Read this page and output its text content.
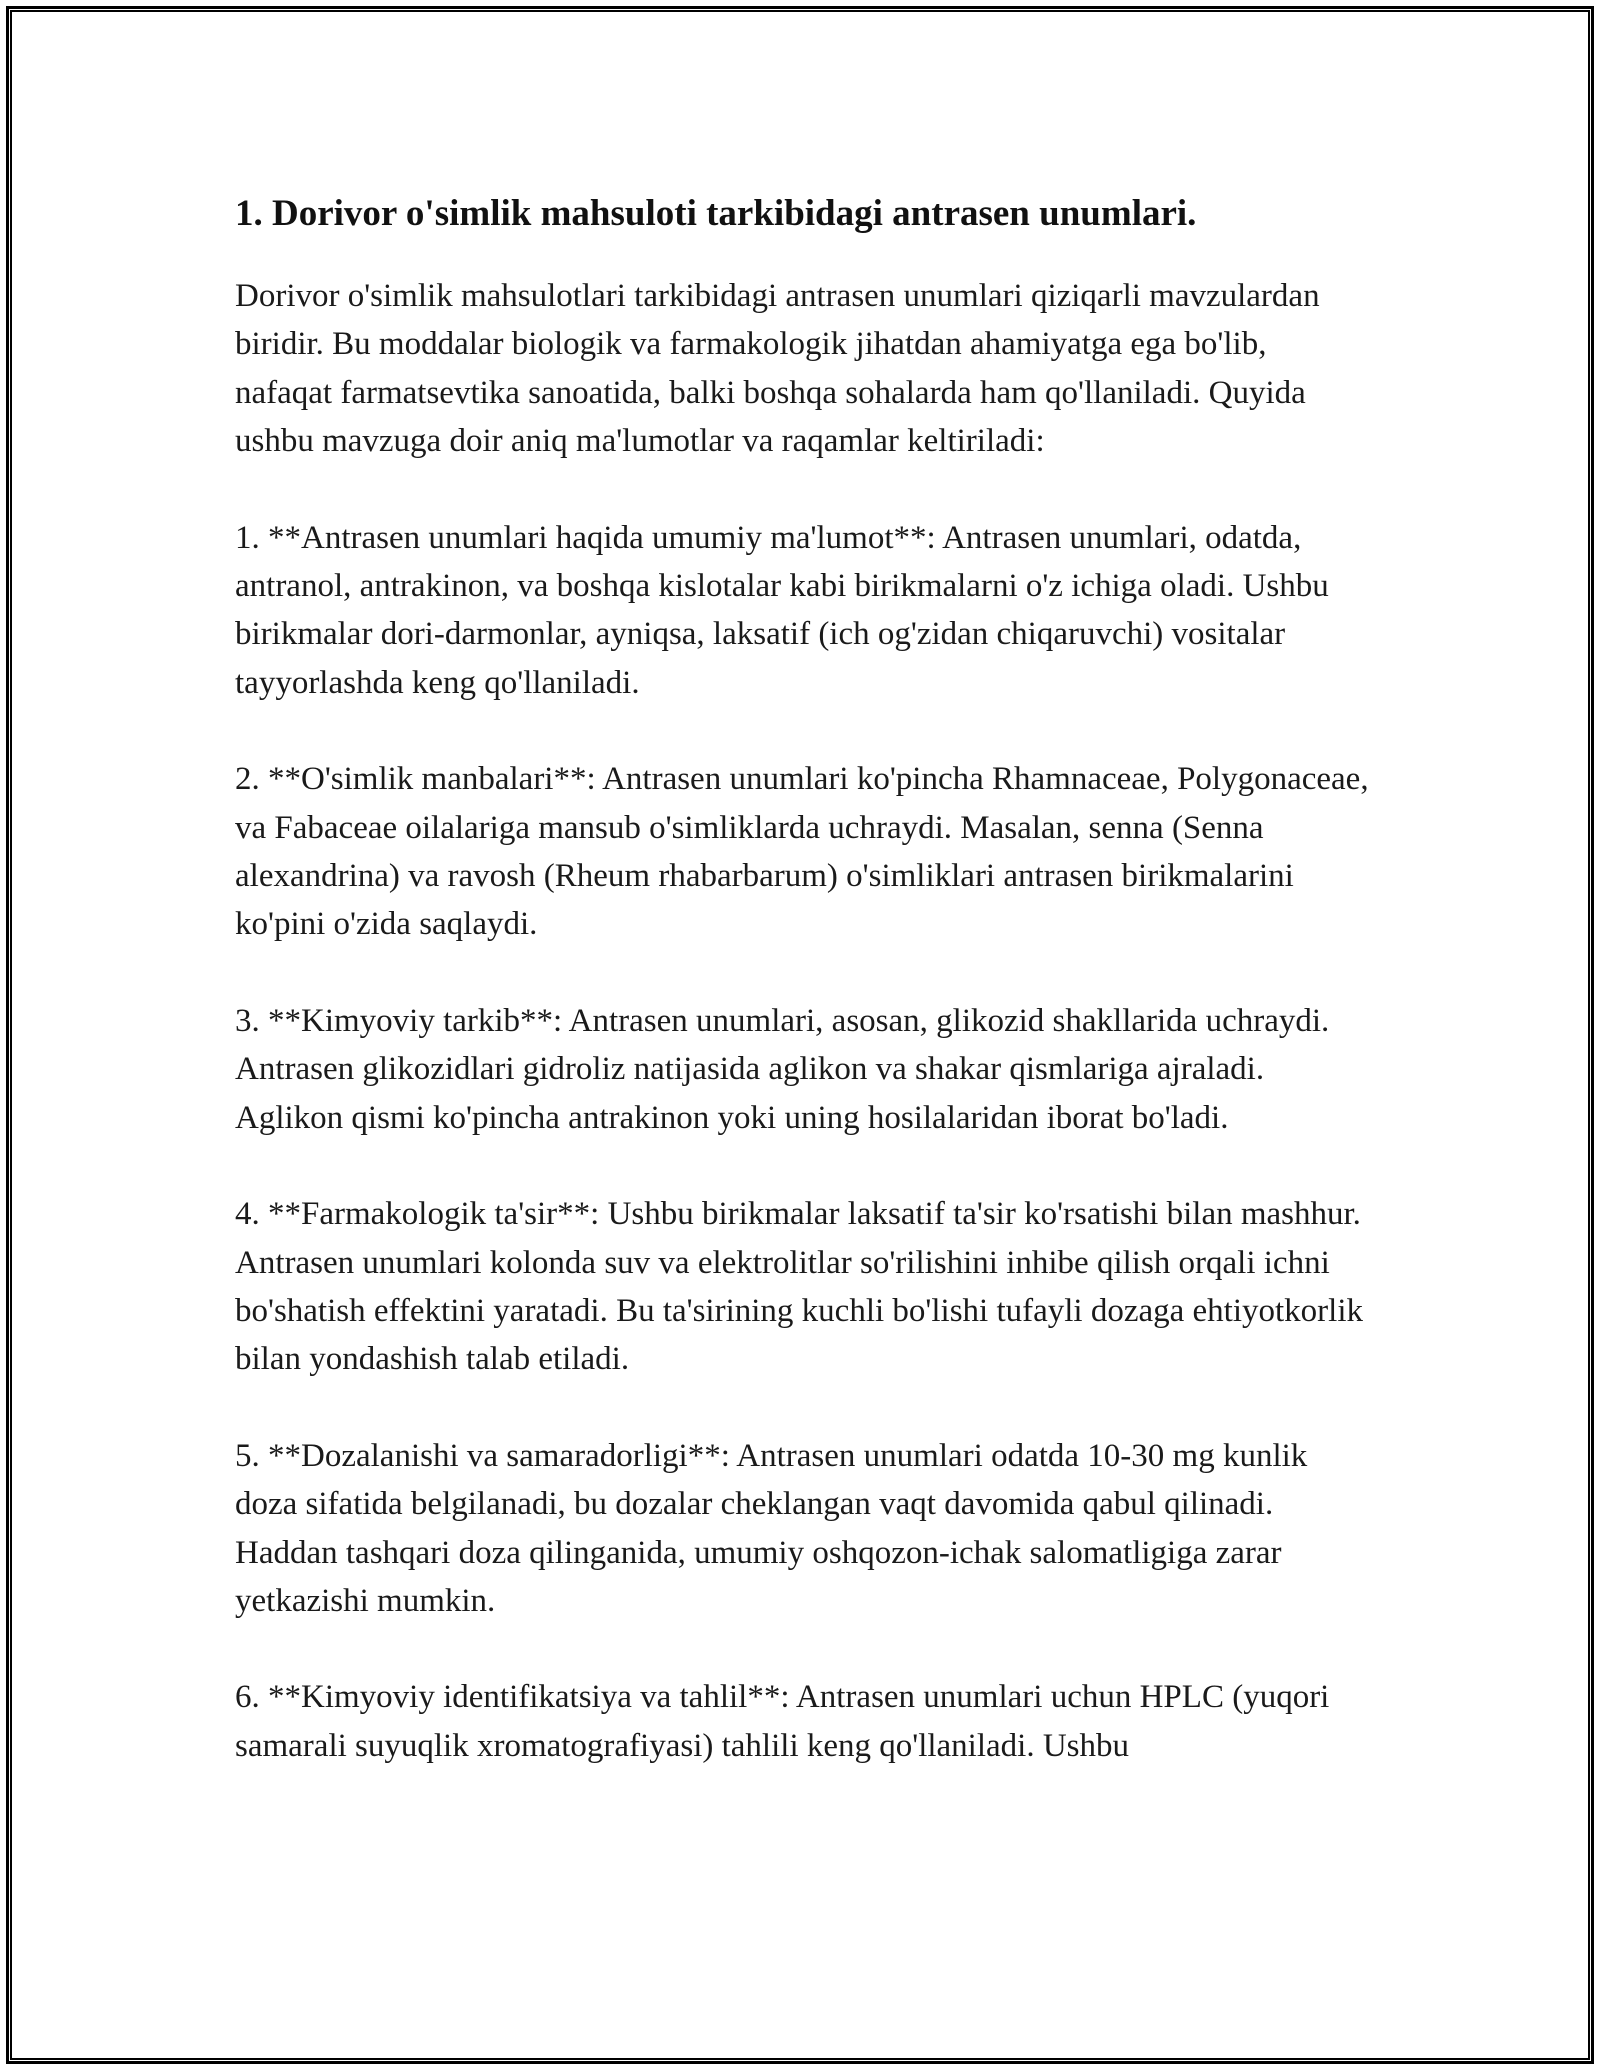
1. Dorivor o'simlik mahsuloti tarkibidagi antrasen unumlari.

Dorivor o'simlik mahsulotlari tarkibidagi antrasen unumlari qiziqarli mavzulardan biridir. Bu moddalar biologik va farmakologik jihatdan ahamiyatga ega bo'lib, nafaqat farmatsevtika sanoatida, balki boshqa sohalarda ham qo'llaniladi. Quyida ushbu mavzuga doir aniq ma'lumotlar va raqamlar keltiriladi:

1. **Antrasen unumlari haqida umumiy ma'lumot**: Antrasen unumlari, odatda, antranol, antrakinon, va boshqa kislotalar kabi birikmalarni o'z ichiga oladi. Ushbu birikmalar dori-darmonlar, ayniqsa, laksatif (ich og'zidan chiqaruvchi) vositalar tayyorlashda keng qo'llaniladi.

2. **O'simlik manbalari**: Antrasen unumlari ko'pincha Rhamnaceae, Polygonaceae, va Fabaceae oilalariga mansub o'simliklarda uchraydi. Masalan, senna (Senna alexandrina) va ravosh (Rheum rhabarbarum) o'simliklari antrasen birikmalarini ko'pini o'zida saqlaydi.

3. **Kimyoviy tarkib**: Antrasen unumlari, asosan, glikozid shakllarida uchraydi. Antrasen glikozidlari gidroliz natijasida aglikon va shakar qismlariga ajraladi. Aglikon qismi ko'pincha antrakinon yoki uning hosilalaridan iborat bo'ladi.

4. **Farmakologik ta'sir**: Ushbu birikmalar laksatif ta'sir ko'rsatishi bilan mashhur. Antrasen unumlari kolonda suv va elektrolitlar so'rilishini inhibe qilish orqali ichni bo'shatish effektini yaratadi. Bu ta'sirining kuchli bo'lishi tufayli dozaga ehtiyotkorlik bilan yondashish talab etiladi.

5. **Dozalanishi va samaradorligi**: Antrasen unumlari odatda 10-30 mg kunlik doza sifatida belgilanadi, bu dozalar cheklangan vaqt davomida qabul qilinadi. Haddan tashqari doza qilinganida, umumiy oshqozon-ichak salomatligiga zarar yetkazishi mumkin.

6. **Kimyoviy identifikatsiya va tahlil**: Antrasen unumlari uchun HPLC (yuqori samarali suyuqlik xromatografiyasi) tahlili keng qo'llaniladi. Ushbu
